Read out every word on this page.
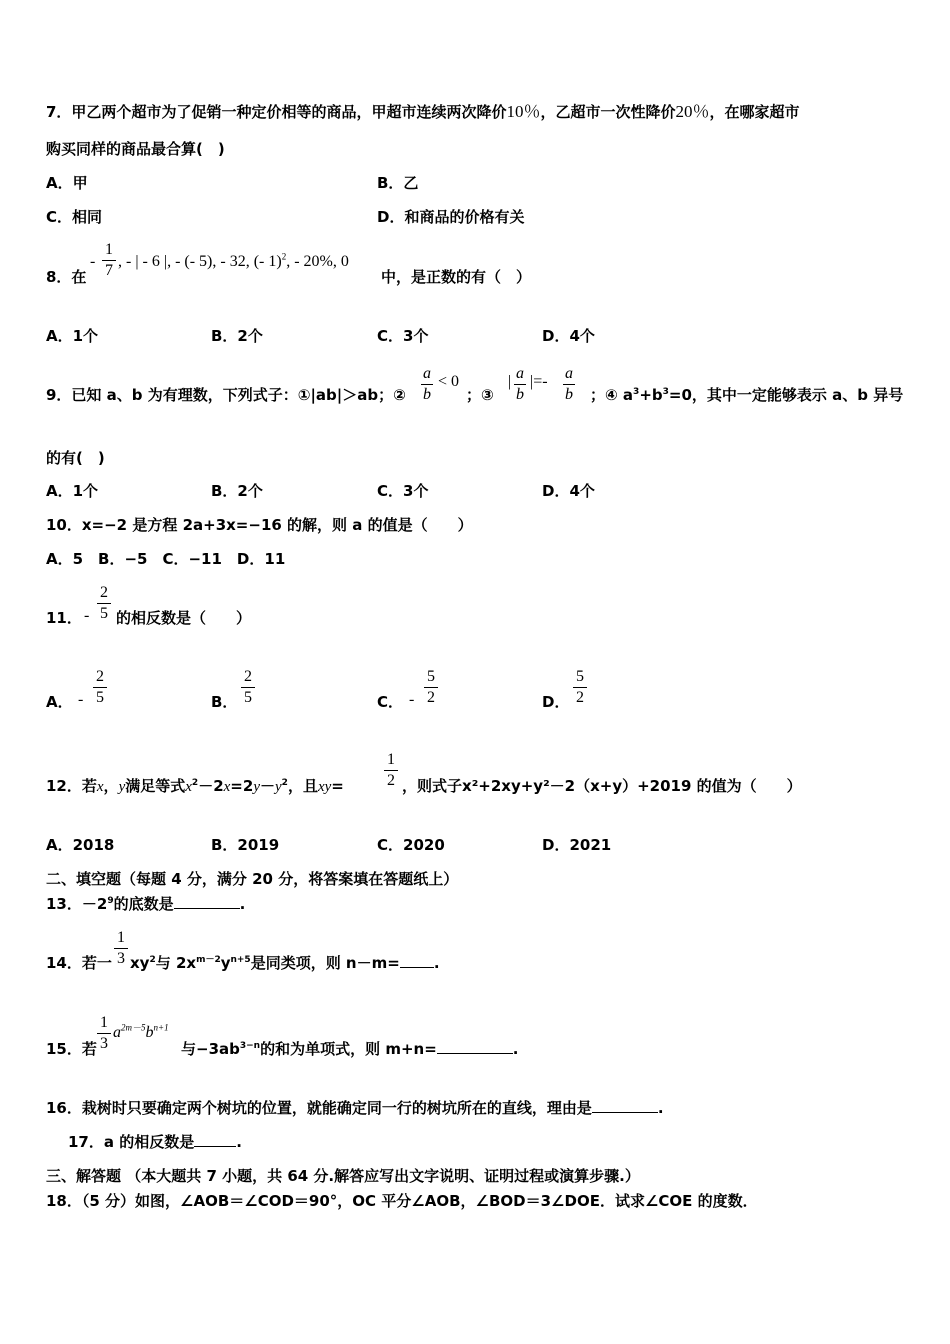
7．甲乙两个超市为了促销一种定价相等的商品，甲超市连续两次降价10％，乙超市一次性降价20％，在哪家超市
购买同样的商品最合算(　)
A．甲	B．乙
C．相同	D．和商品的价格有关
8．在
-
1
7
, - | - 6 |, - (- 5), - 32, (- 1)$^2$, - 20%, 0
中，是正数的有（　）
A．1个	B．2个	C．3个	D．4个
9．已知 a、b 为有理数，下列式子：①|ab|＞ab；②
a
b
< 0
；③
| a
b
|=- a
b ；④ $a^3+b^3=0$，其中一定能够表示 a、b 异号
的有(　)
A．1个	B．2个	C．3个	D．4个
10．x=−2 是方程 2a+3x=−16 的解，则 a 的值是（　　）
A．5　B．−5　C．−11　D．11
11． -
2
5 的相反数是（　　）
A． -
2
5	B．
2
5	C． -
5
2	D．
5
2
12．若x，y满足等式$x^2-2x=2y-y^2$，且xy=
1
2 ，则式子x²+2xy+y²－2（x+y）+2019 的值为（　　）
A．2018	B．2019	C．2020	D．2021
二、填空题（每题 4 分，满分 20 分，将答案填在答题纸上）
13．$-2^9$的底数是	.
14．若一
1
3 $xy^2$与 $2x^{m-2}y^{n+5}$是同类项，则 n－m= .
15．若
1
3
$a^{2m-5}b^{n+1}$
与$-3ab^{3-n}$的和为单项式，则 m+n=	.
16．栽树时只要确定两个树坑的位置，就能确定同一行的树坑所在的直线，理由是	.
17．a 的相反数是	.
三、解答题 （本大题共 7 小题，共 64 分.解答应写出文字说明、证明过程或演算步骤.）
18．（5 分）如图，∠AOB＝∠COD＝90°，OC 平分∠AOB，∠BOD＝3∠DOE．试求∠COE 的度数．
